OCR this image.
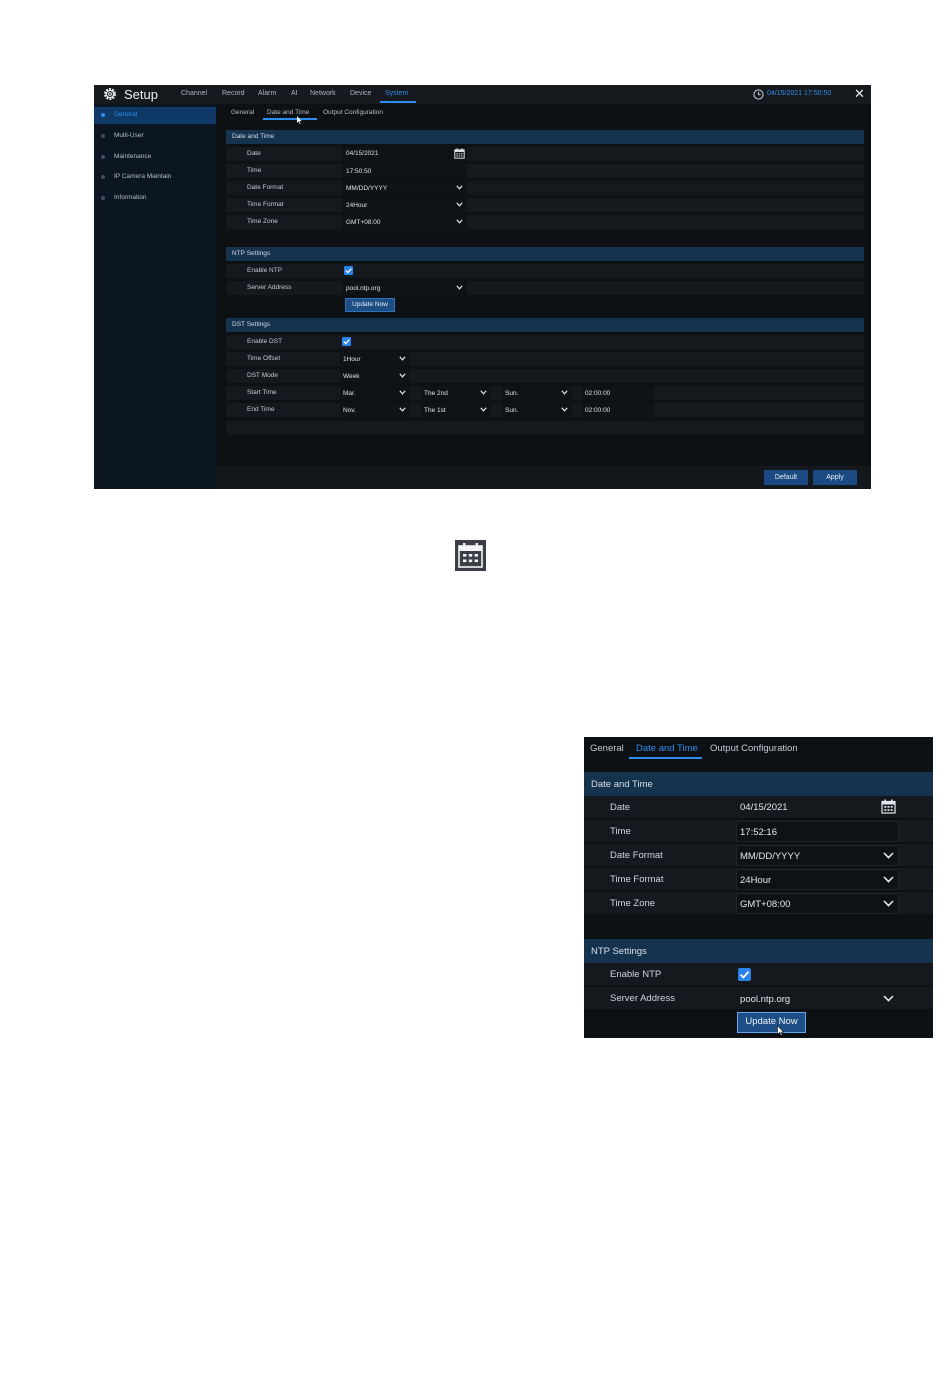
Setup	Channel Record Alarm AI Network Device System	04/15/2021 17:50:50 ✕
General
Multi-User
Maintenance
IP Camera Maintain
Information
General Date and Time Output Configuration
Date and Time
Date	04/15/2021
Time	17:50:50
Date Format	MM/DD/YYYY
Time Format	24Hour
Time Zone	GMT+08:00
NTP Settings
Enable NTP
Server Address	pool.ntp.org
Update Now
DST Settings
Enable DST
Time Offset	1Hour
DST Mode	Week
Start Time	Mar.	The 2nd	Sun.	02:00:00
End Time	Nov.	The 1st	Sun.	02:00:00
Default	Apply
General Date and Time Output Configuration
Date and Time
Date	04/15/2021
Time	17:52:16
Date Format	MM/DD/YYYY
Time Format	24Hour
Time Zone	GMT+08:00
NTP Settings
Enable NTP
Server Address	pool.ntp.org
Update Now
